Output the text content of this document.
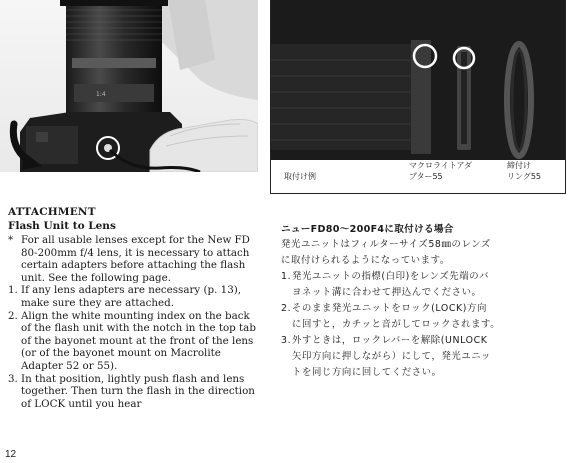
1:4
取付け例
マクロライトアダ
プター55
締付け
リング55
ATTACHMENT
Flash Unit to Lens
* For all usable lenses except for the New FD 80-200mm f/4 lens, it is necessary to attach certain adapters before attaching the flash unit. See the following page.
1. If any lens adapters are necessary (p. 13), make sure they are attached.
2. Align the white mounting index on the back of the flash unit with the notch in the top tab of the bayonet mount at the front of the lens (or of the bayonet mount on Macrolite Adapter 52 or 55).
3. In that position, lightly push flash and lens together. Then turn the flash in the direction of LOCK until you hear
ニューFD80～200F4に取付ける場合
発光ユニットはフィルターサイズ58㎜のレンズ
に取付けられるようになっています。
1. 発光ユニットの指標(白印)をレンズ先端のバ
ヨネット溝に合わせて押込んでください。
2. そのまま発光ユニットをロック(LOCK)方向
に回すと，カチッと音がしてロックされます。
3. 外すときは，ロックレバーを解除(UNLOCK
矢印方向に押しながら）にして，発光ユニッ
トを同じ方向に回してください。
12
